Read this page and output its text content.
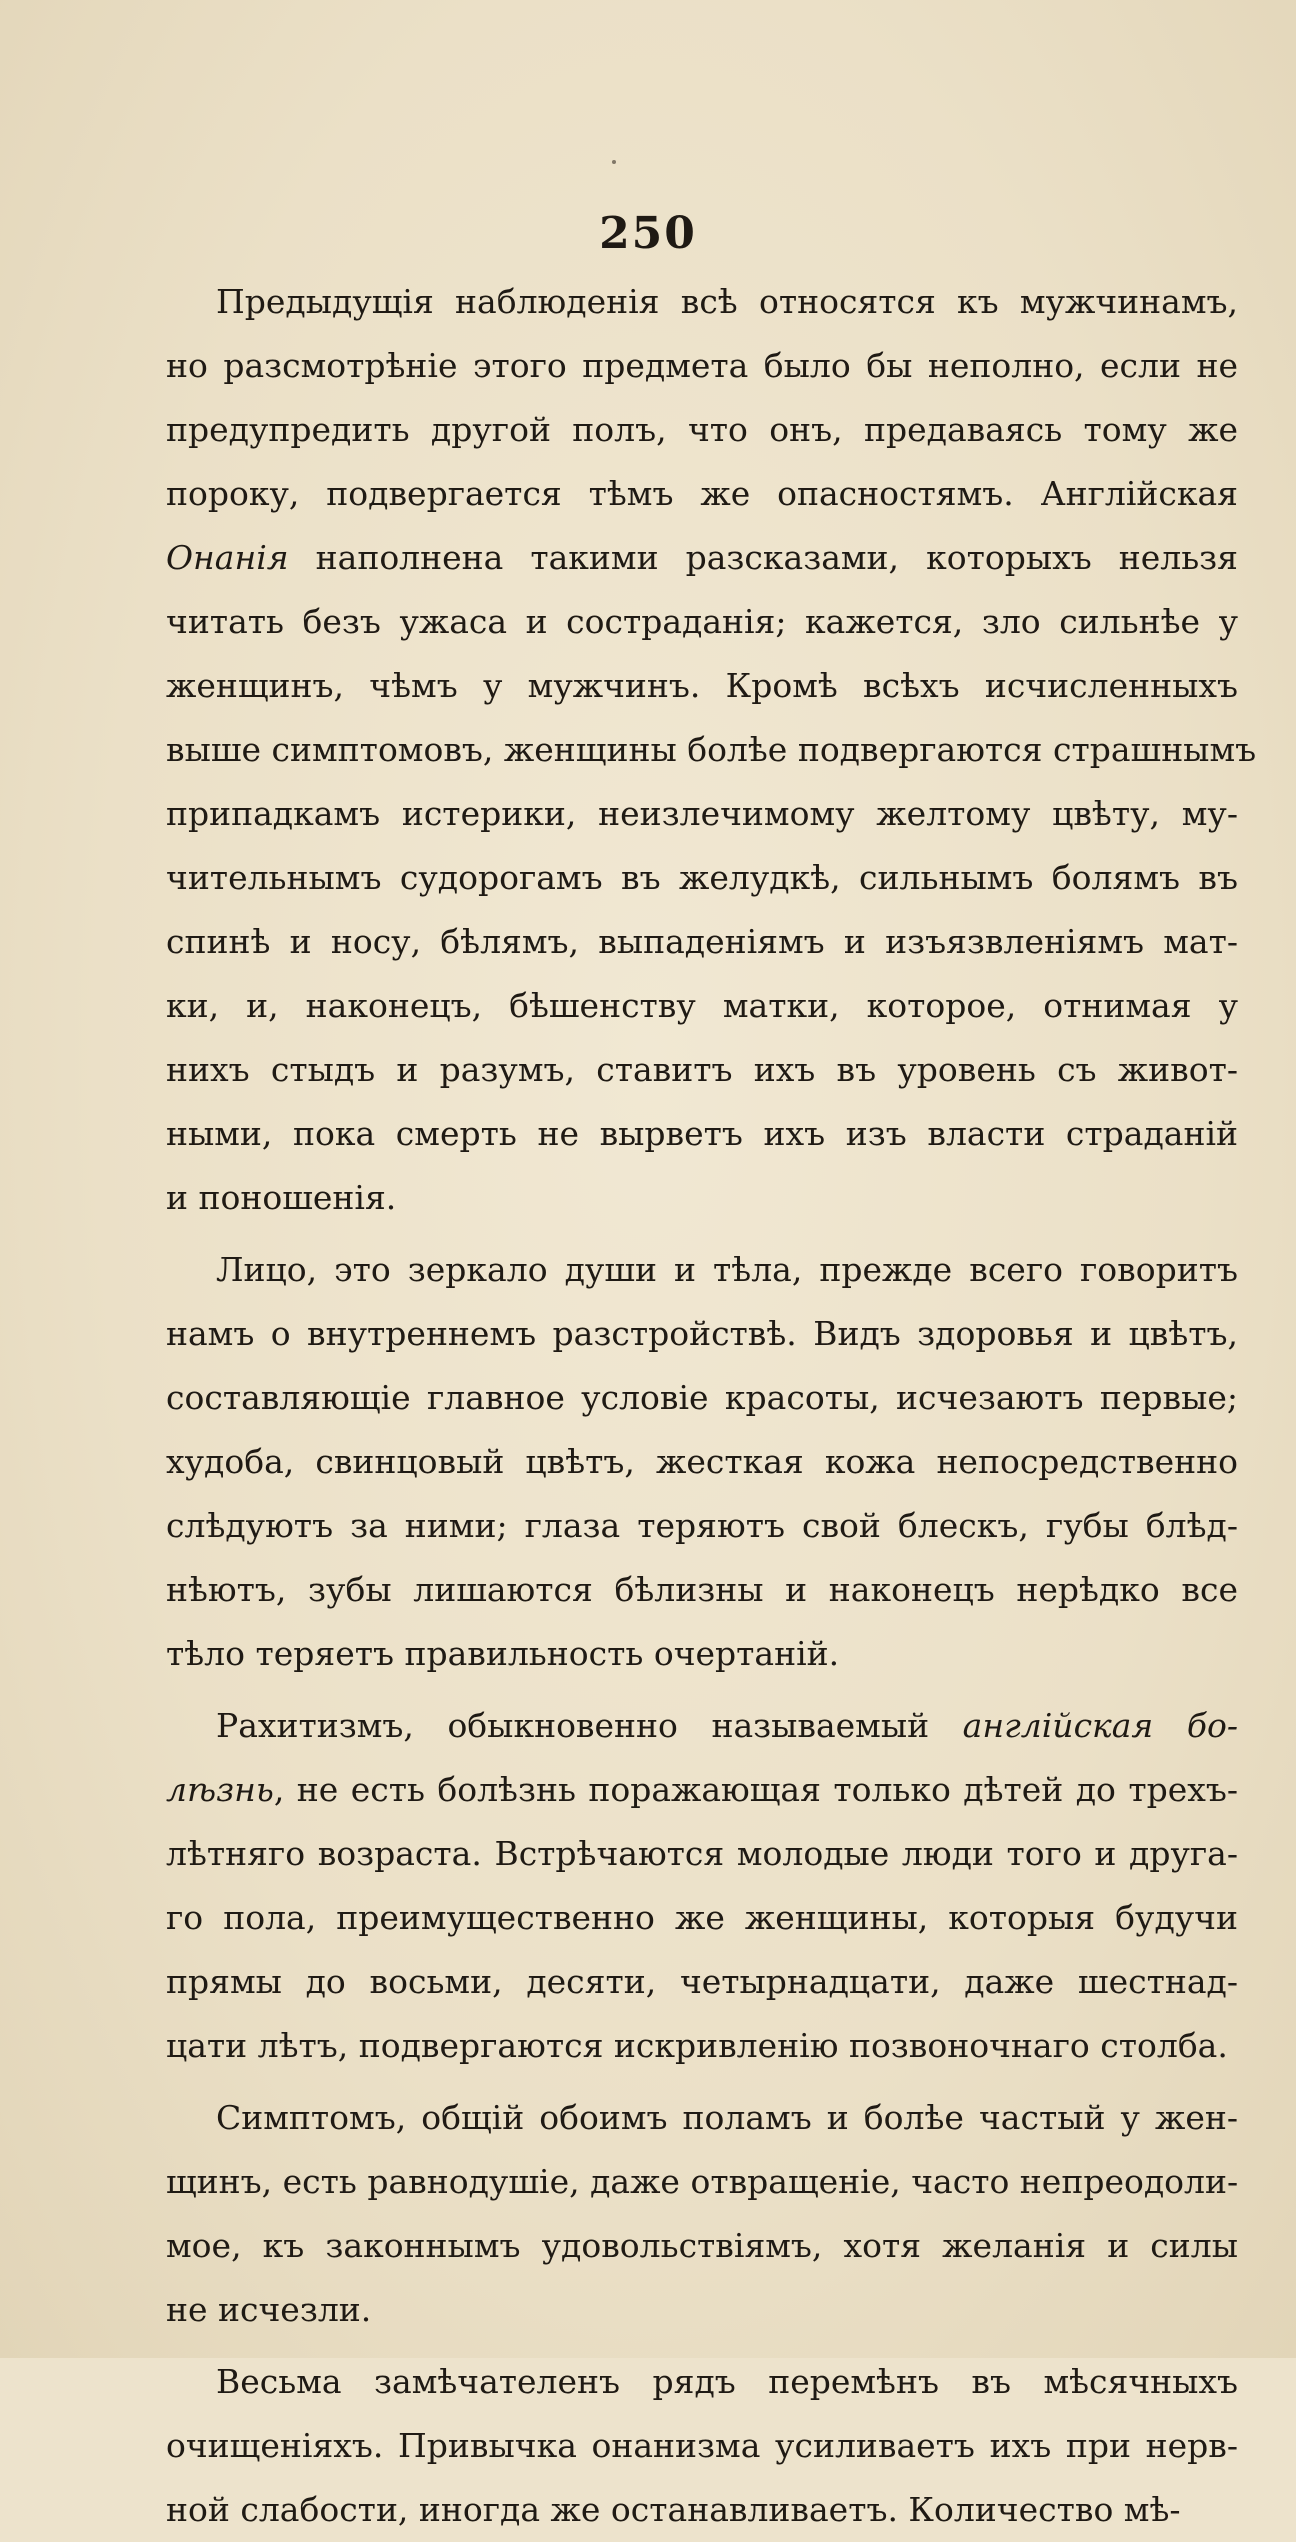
250
Предыдущія наблюденія всѣ относятся къ мужчинамъ,
но разсмотрѣніе этого предмета было бы неполно, если не
предупредить другой полъ, что онъ, предаваясь тому же
пороку, подвергается тѣмъ же опасностямъ. Англійская
Онанія наполнена такими разсказами, которыхъ нельзя
читать безъ ужаса и состраданія; кажется, зло сильнѣе у
женщинъ, чѣмъ у мужчинъ. Кромѣ всѣхъ исчисленныхъ
выше симптомовъ, женщины болѣе подвергаются страшнымъ
припадкамъ истерики, неизлечимому желтому цвѣту, му-
чительнымъ судорогамъ въ желудкѣ, сильнымъ болямъ въ
спинѣ и носу, бѣлямъ, выпаденіямъ и изъязвленіямъ мат-
ки, и, наконецъ, бѣшенству матки, которое, отнимая у
нихъ стыдъ и разумъ, ставитъ ихъ въ уровень съ живот-
ными, пока смерть не вырветъ ихъ изъ власти страданій
и поношенія.
Лицо, это зеркало души и тѣла, прежде всего говоритъ
намъ о внутреннемъ разстройствѣ. Видъ здоровья и цвѣтъ,
составляющіе главное условіе красоты, исчезаютъ первые;
худоба, свинцовый цвѣтъ, жесткая кожа непосредственно
слѣдуютъ за ними; глаза теряютъ свой блескъ, губы блѣд-
нѣютъ, зубы лишаются бѣлизны и наконецъ нерѣдко все
тѣло теряетъ правильность очертаній.
Рахитизмъ, обыкновенно называемый англійская бо-
лѣзнь, не есть болѣзнь поражающая только дѣтей до трехъ-
лѣтняго возраста. Встрѣчаются молодые люди того и друга-
го пола, преимущественно же женщины, которыя будучи
прямы до восьми, десяти, четырнадцати, даже шестнад-
цати лѣтъ, подвергаются искривленію позвоночнаго столба.
Симптомъ, общій обоимъ поламъ и болѣе частый у жен-
щинъ, есть равнодушіе, даже отвращеніе, часто непреодоли-
мое, къ законнымъ удовольствіямъ, хотя желанія и силы
не исчезли.
Весьма замѣчателенъ рядъ перемѣнъ въ мѣсячныхъ
очищеніяхъ. Привычка онанизма усиливаетъ ихъ при нерв-
ной слабости, иногда же останавливаетъ. Количество мѣ-
